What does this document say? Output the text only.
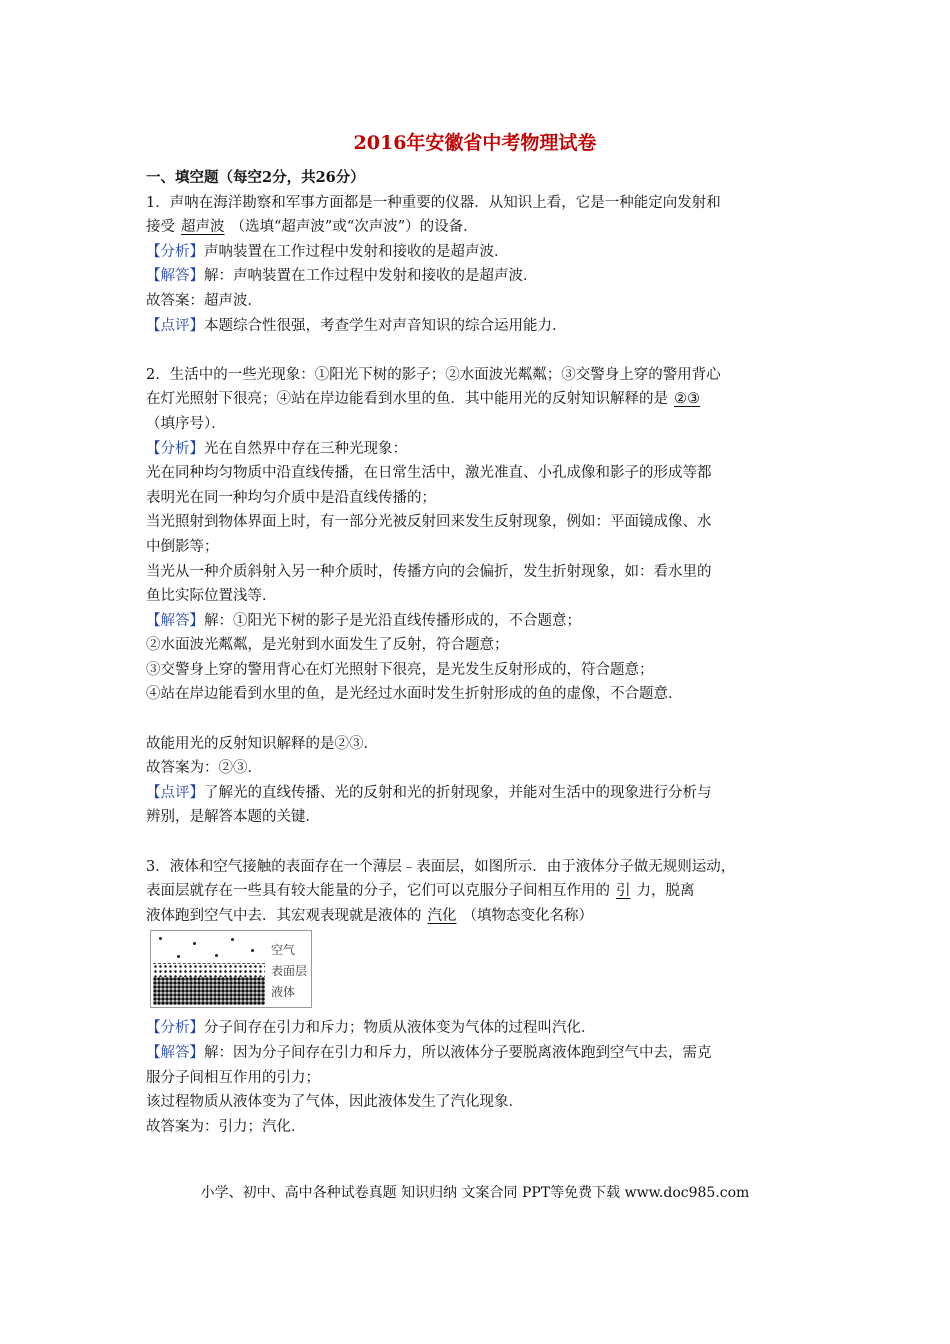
2016年安徽省中考物理试卷
一、填空题（每空2分，共26分）
1．声呐在海洋勘察和军事方面都是一种重要的仪器．从知识上看，它是一种能定向发射和
接受 超声波 （选填“超声波”或“次声波”）的设备．
【分析】声呐装置在工作过程中发射和接收的是超声波．
【解答】解：声呐装置在工作过程中发射和接收的是超声波．
故答案：超声波．
【点评】本题综合性很强，考查学生对声音知识的综合运用能力．
2．生活中的一些光现象：①阳光下树的影子；②水面波光粼粼；③交警身上穿的警用背心
在灯光照射下很亮；④站在岸边能看到水里的鱼．其中能用光的反射知识解释的是 ②③
（填序号）．
【分析】光在自然界中存在三种光现象：
光在同种均匀物质中沿直线传播，在日常生活中，激光准直、小孔成像和影子的形成等都
表明光在同一种均匀介质中是沿直线传播的；
当光照射到物体界面上时，有一部分光被反射回来发生反射现象，例如：平面镜成像、水
中倒影等；
当光从一种介质斜射入另一种介质时，传播方向的会偏折，发生折射现象，如：看水里的
鱼比实际位置浅等．
【解答】解：①阳光下树的影子是光沿直线传播形成的，不合题意；
②水面波光粼粼，是光射到水面发生了反射，符合题意；
③交警身上穿的警用背心在灯光照射下很亮，是光发生反射形成的，符合题意；
④站在岸边能看到水里的鱼，是光经过水面时发生折射形成的鱼的虚像，不合题意．
故能用光的反射知识解释的是②③．
故答案为：②③．
【点评】了解光的直线传播、光的反射和光的折射现象，并能对生活中的现象进行分析与
辨别，是解答本题的关键．
3．液体和空气接触的表面存在一个薄层﹣表面层，如图所示．由于液体分子做无规则运动，
表面层就存在一些具有较大能量的分子，它们可以克服分子间相互作用的 引 力，脱离
液体跑到空气中去．其宏观表现就是液体的 汽化 （填物态变化名称）
空气
表面层
液体
【分析】分子间存在引力和斥力；物质从液体变为气体的过程叫汽化．
【解答】解：因为分子间存在引力和斥力，所以液体分子要脱离液体跑到空气中去，需克
服分子间相互作用的引力；
该过程物质从液体变为了气体，因此液体发生了汽化现象．
故答案为：引力；汽化．
小学、初中、高中各种试卷真题 知识归纳 文案合同 PPT等免费下载 www.doc985.com
